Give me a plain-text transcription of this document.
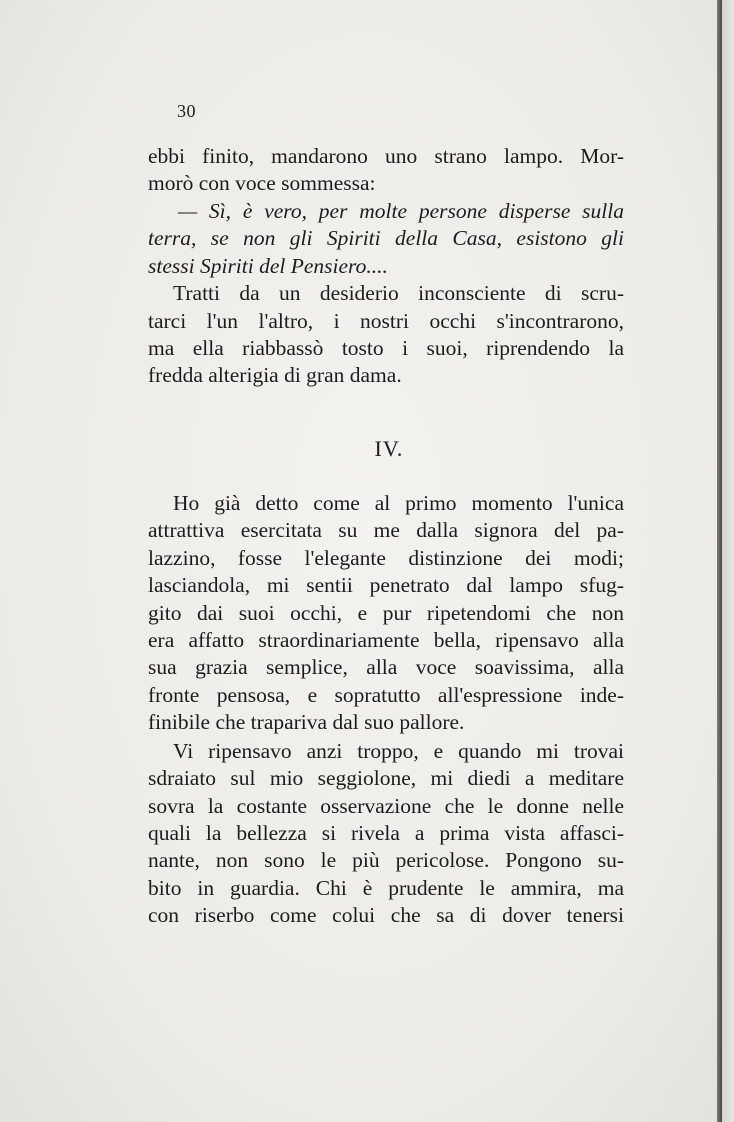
30
ebbi finito, mandarono uno strano lampo. Mor-
morò con voce sommessa:
— Sì, è vero, per molte persone disperse sulla
terra, se non gli Spiriti della Casa, esistono gli
stessi Spiriti del Pensiero....
Tratti da un desiderio inconsciente di scru-
tarci l'un l'altro, i nostri occhi s'incontrarono,
ma ella riabbassò tosto i suoi, riprendendo la
fredda alterigia di gran dama.
IV.
Ho già detto come al primo momento l'unica
attrattiva esercitata su me dalla signora del pa-
lazzino, fosse l'elegante distinzione dei modi;
lasciandola, mi sentii penetrato dal lampo sfug-
gito dai suoi occhi, e pur ripetendomi che non
era affatto straordinariamente bella, ripensavo alla
sua grazia semplice, alla voce soavissima, alla
fronte pensosa, e sopratutto all'espressione inde-
finibile che trapariva dal suo pallore.
Vi ripensavo anzi troppo, e quando mi trovai
sdraiato sul mio seggiolone, mi diedi a meditare
sovra la costante osservazione che le donne nelle
quali la bellezza si rivela a prima vista affasci-
nante, non sono le più pericolose. Pongono su-
bito in guardia. Chi è prudente le ammira, ma
con riserbo come colui che sa di dover tenersi
